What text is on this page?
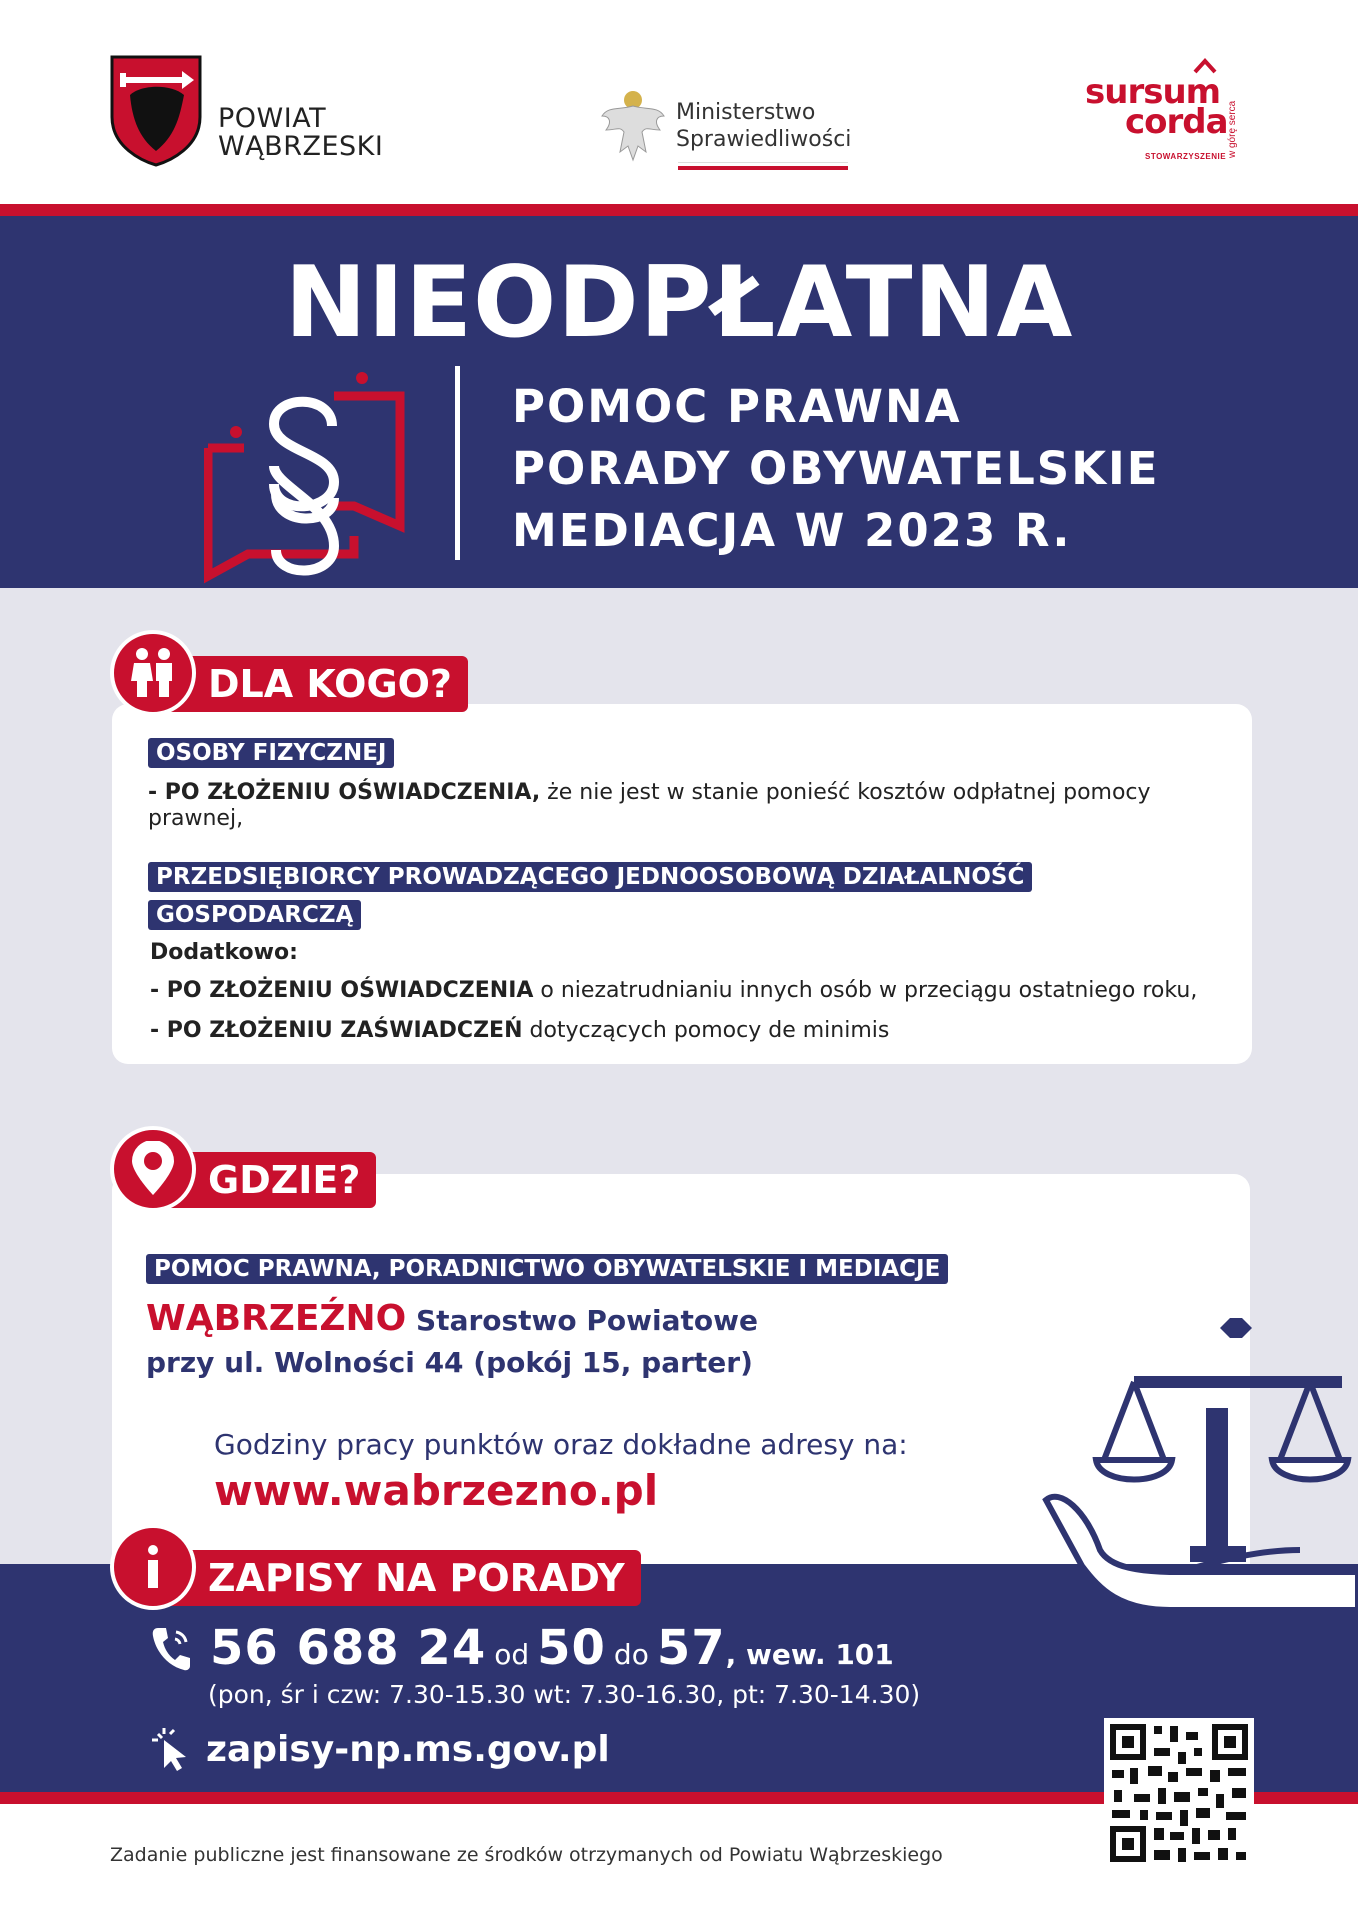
POWIAT
WĄBRZESKI
Ministerstwo
Sprawiedliwości
sursum
corda
STOWARZYSZENIE w górę serca
NIEODPŁATNA
POMOC PRAWNA
PORADY OBYWATELSKIE
MEDIACJA W 2023 R.
OSOBY FIZYCZNEJ
- PO ZŁOŻENIU OŚWIADCZENIA, że nie jest w stanie ponieść kosztów odpłatnej pomocy prawnej,
PRZEDSIĘBIORCY PROWADZĄCEGO JEDNOOSOBOWĄ DZIAŁALNOŚĆ
GOSPODARCZĄ
Dodatkowo:
- PO ZŁOŻENIU OŚWIADCZENIA o niezatrudnianiu innych osób w przeciągu ostatniego roku,
- PO ZŁOŻENIU ZAŚWIADCZEŃ dotyczących pomocy de minimis
DLA KOGO?
POMOC PRAWNA, PORADNICTWO OBYWATELSKIE I MEDIACJE
WĄBRZEŹNO Starostwo Powiatowe
przy ul. Wolności 44 (pokój 15, parter)
Godziny pracy punktów oraz dokładne adresy na:
www.wabrzezno.pl
GDZIE?
ZAPISY NA PORADY
56 688 24 od 50 do 57 , wew. 101
(pon, śr i czw: 7.30-15.30 wt: 7.30-16.30, pt: 7.30-14.30)
zapisy-np.ms.gov.pl
Zadanie publiczne jest finansowane ze środków otrzymanych od Powiatu Wąbrzeskiego
